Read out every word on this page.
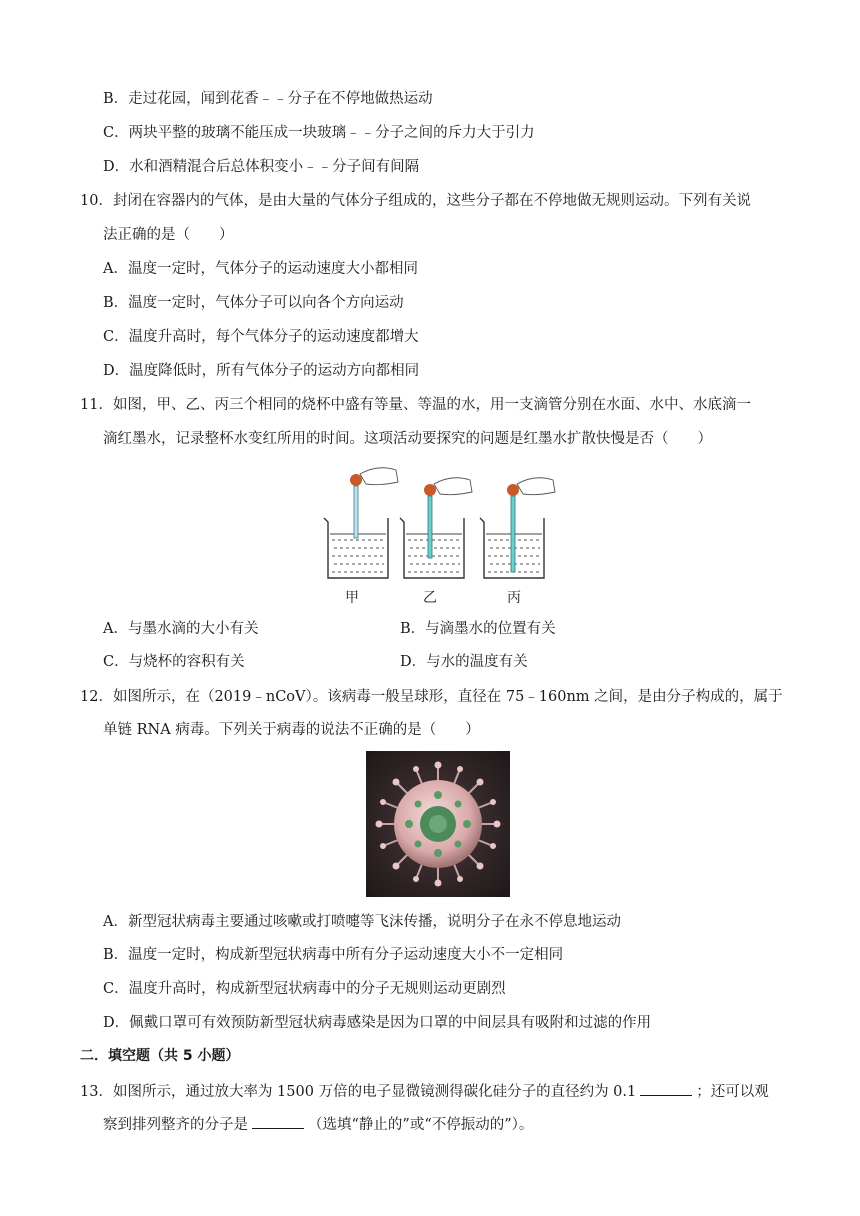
B．走过花园，闻到花香﹣﹣分子在不停地做热运动
C．两块平整的玻璃不能压成一块玻璃﹣﹣分子之间的斥力大于引力
D．水和酒精混合后总体积变小﹣﹣分子间有间隔
10．封闭在容器内的气体，是由大量的气体分子组成的，这些分子都在不停地做无规则运动。下列有关说
法正确的是（　　）
A．温度一定时，气体分子的运动速度大小都相同
B．温度一定时，气体分子可以向各个方向运动
C．温度升高时，每个气体分子的运动速度都增大
D．温度降低时，所有气体分子的运动方向都相同
11．如图，甲、乙、丙三个相同的烧杯中盛有等量、等温的水，用一支滴管分别在水面、水中、水底滴一
滴红墨水，记录整杯水变红所用的时间。这项活动要探究的问题是红墨水扩散快慢是否（　　）
甲	乙	丙
A．与墨水滴的大小有关	B．与滴墨水的位置有关
C．与烧杯的容积有关	D．与水的温度有关
12．如图所示，在（2019﹣nCoV）。该病毒一般呈球形，直径在 75﹣160nm 之间，是由分子构成的，属于
单链 RNA 病毒。下列关于病毒的说法不正确的是（　　）
A．新型冠状病毒主要通过咳嗽或打喷嚏等飞沫传播，说明分子在永不停息地运动
B．温度一定时，构成新型冠状病毒中所有分子运动速度大小不一定相同
C．温度升高时，构成新型冠状病毒中的分子无规则运动更剧烈
D．佩戴口罩可有效预防新型冠状病毒感染是因为口罩的中间层具有吸附和过滤的作用
二．填空题（共 5 小题）
13．如图所示，通过放大率为 1500 万倍的电子显微镜测得碳化硅分子的直径约为 0.1	；还可以观
察到排列整齐的分子是	（选填“静止的”或“不停振动的”）。
